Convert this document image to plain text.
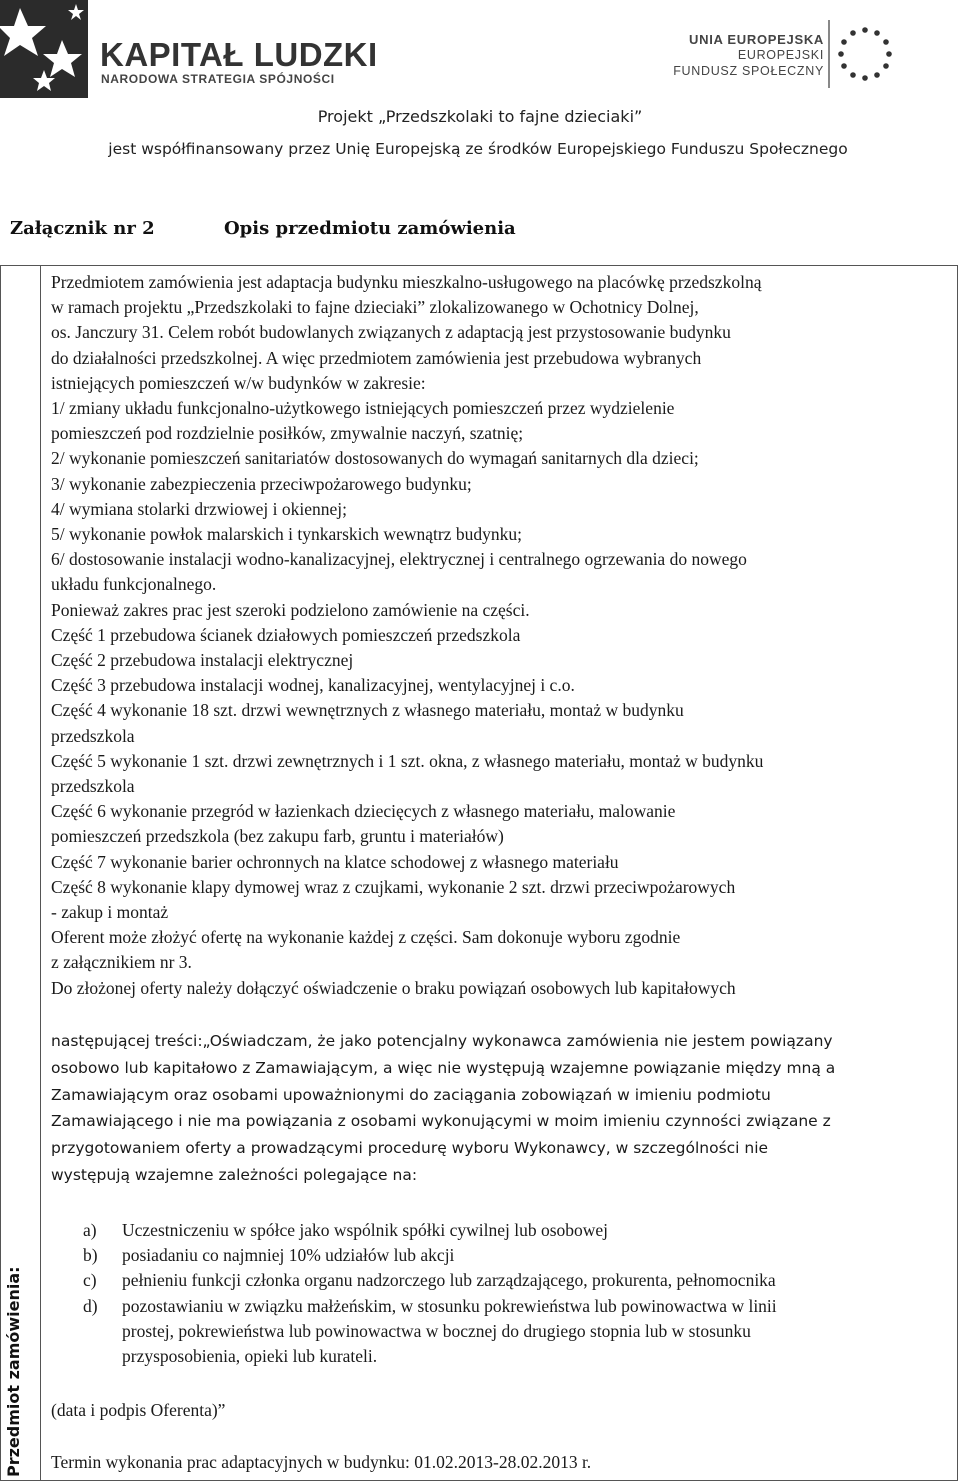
KAPITAŁ LUDZKI
NARODOWA STRATEGIA SPÓJNOŚCI
UNIA EUROPEJSKA
EUROPEJSKI
FUNDUSZ SPOŁECZNY
Projekt „Przedszkolaki to fajne dzieciaki”
jest współfinansowany przez Unię Europejską ze środków Europejskiego Funduszu Społecznego
Załącznik nr 2	Opis przedmiotu zamówienia
Przedmiot zamówienia:
Przedmiotem zamówienia jest adaptacja budynku mieszkalno-usługowego na placówkę przedszkolną
w ramach projektu „Przedszkolaki to fajne dzieciaki” zlokalizowanego w Ochotnicy Dolnej,
os. Janczury 31. Celem robót budowlanych związanych z adaptacją jest przystosowanie budynku
do działalności przedszkolnej. A więc przedmiotem zamówienia jest przebudowa wybranych
istniejących pomieszczeń w/w budynków w zakresie:
1/ zmiany układu funkcjonalno-użytkowego istniejących pomieszczeń przez wydzielenie
pomieszczeń pod rozdzielnie posiłków, zmywalnie naczyń, szatnię;
2/ wykonanie pomieszczeń sanitariatów dostosowanych do wymagań sanitarnych dla dzieci;
3/ wykonanie zabezpieczenia przeciwpożarowego budynku;
4/ wymiana stolarki drzwiowej i okiennej;
5/ wykonanie powłok malarskich i tynkarskich wewnątrz budynku;
6/ dostosowanie instalacji wodno-kanalizacyjnej, elektrycznej i centralnego ogrzewania do nowego
układu funkcjonalnego.
Ponieważ zakres prac jest szeroki podzielono zamówienie na części.
Część 1 przebudowa ścianek działowych pomieszczeń przedszkola
Część 2 przebudowa instalacji elektrycznej
Część 3 przebudowa instalacji wodnej, kanalizacyjnej, wentylacyjnej i c.o.
Część 4 wykonanie 18 szt. drzwi wewnętrznych z własnego materiału, montaż w budynku
przedszkola
Część 5 wykonanie 1 szt. drzwi zewnętrznych i 1 szt. okna, z własnego materiału, montaż w budynku
przedszkola
Część 6 wykonanie przegród w łazienkach dziecięcych z własnego materiału, malowanie
pomieszczeń przedszkola (bez zakupu farb, gruntu i materiałów)
Część 7 wykonanie barier ochronnych na klatce schodowej z własnego materiału
Część 8 wykonanie klapy dymowej wraz z czujkami, wykonanie 2 szt. drzwi przeciwpożarowych
- zakup i montaż
Oferent może złożyć ofertę na wykonanie każdej z części. Sam dokonuje wyboru zgodnie
z załącznikiem nr 3.
Do złożonej oferty należy dołączyć oświadczenie o braku powiązań osobowych lub kapitałowych
następującej treści:„Oświadczam, że jako potencjalny wykonawca zamówienia nie jestem powiązany
osobowo lub kapitałowo z Zamawiającym, a więc nie występują wzajemne powiązanie między mną a
Zamawiającym oraz osobami upoważnionymi do zaciągania zobowiązań w imieniu podmiotu
Zamawiającego i nie ma powiązania z osobami wykonującymi w moim imieniu czynności związane z
przygotowaniem oferty a prowadzącymi procedurę wyboru Wykonawcy, w szczególności nie
występują wzajemne zależności polegające na:
a) Uczestniczeniu w spółce jako wspólnik spółki cywilnej lub osobowej
b) posiadaniu co najmniej 10% udziałów lub akcji
c) pełnieniu funkcji członka organu nadzorczego lub zarządzającego, prokurenta, pełnomocnika
d) pozostawianiu w związku małżeńskim, w stosunku pokrewieństwa lub powinowactwa w linii
prostej, pokrewieństwa lub powinowactwa w bocznej do drugiego stopnia lub w stosunku
przysposobienia, opieki lub kurateli.
(data i podpis Oferenta)”
Termin wykonania prac adaptacyjnych w budynku: 01.02.2013-28.02.2013 r.
